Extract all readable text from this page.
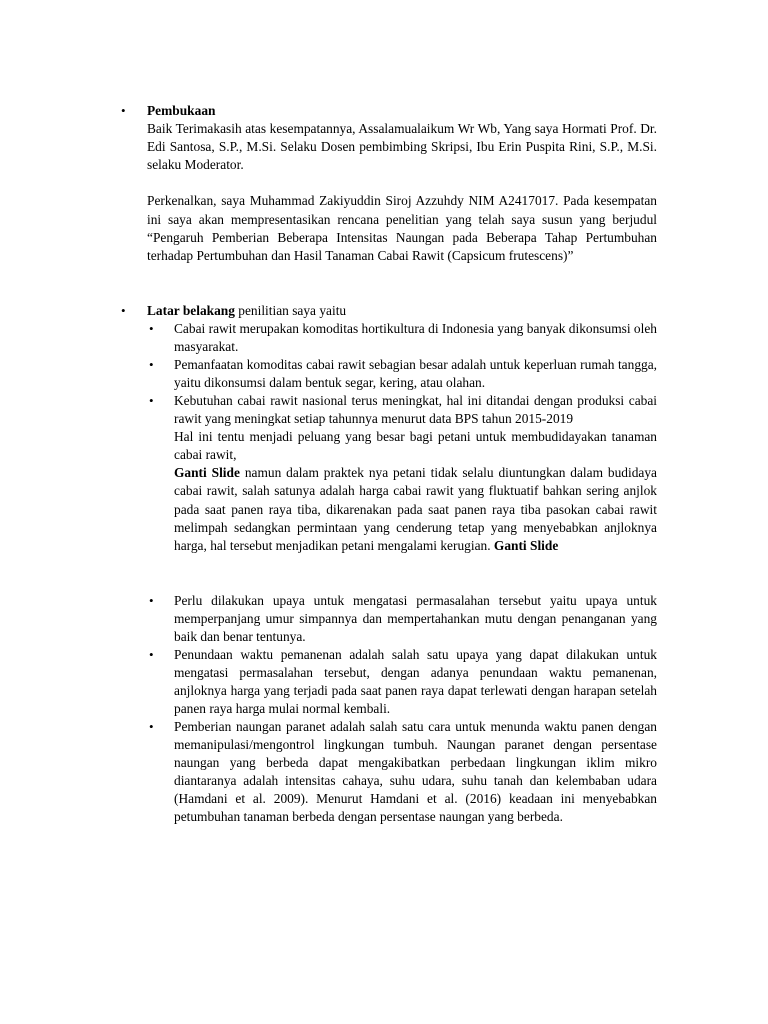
• Pembukaan

Baik Terimakasih atas kesempatannya, Assalamualaikum Wr Wb, Yang saya Hormati Prof. Dr. Edi Santosa, S.P., M.Si. Selaku Dosen pembimbing Skripsi, Ibu Erin Puspita Rini, S.P., M.Si. selaku Moderator.

Perkenalkan, saya Muhammad Zakiyuddin Siroj Azzuhdy NIM A2417017. Pada kesempatan ini saya akan mempresentasikan rencana penelitian yang telah saya susun yang berjudul “Pengaruh Pemberian Beberapa Intensitas Naungan pada Beberapa Tahap Pertumbuhan terhadap Pertumbuhan dan Hasil Tanaman Cabai Rawit (Capsicum frutescens)”

• Latar belakang penilitian saya yaitu

• Cabai rawit merupakan komoditas hortikultura di Indonesia yang banyak dikonsumsi oleh masyarakat.

• Pemanfaatan komoditas cabai rawit sebagian besar adalah untuk keperluan rumah tangga, yaitu dikonsumsi dalam bentuk segar, kering, atau olahan.

• Kebutuhan cabai rawit nasional terus meningkat, hal ini ditandai dengan produksi cabai rawit yang meningkat setiap tahunnya menurut data BPS tahun 2015-2019

Hal ini tentu menjadi peluang yang besar bagi petani untuk membudidayakan tanaman cabai rawit,

Ganti Slide namun dalam praktek nya petani tidak selalu diuntungkan dalam budidaya cabai rawit, salah satunya adalah harga cabai rawit yang fluktuatif bahkan sering anjlok pada saat panen raya tiba, dikarenakan pada saat panen raya tiba pasokan cabai rawit melimpah sedangkan permintaan yang cenderung tetap yang menyebabkan anjloknya harga, hal tersebut menjadikan petani mengalami kerugian. Ganti Slide

• Perlu dilakukan upaya untuk mengatasi permasalahan tersebut yaitu upaya untuk memperpanjang umur simpannya dan mempertahankan mutu dengan penanganan yang baik dan benar tentunya.

• Penundaan waktu pemanenan adalah salah satu upaya yang dapat dilakukan untuk mengatasi permasalahan tersebut, dengan adanya penundaan waktu pemanenan, anjloknya harga yang terjadi pada saat panen raya dapat terlewati dengan harapan setelah panen raya harga mulai normal kembali.

• Pemberian naungan paranet adalah salah satu cara untuk menunda waktu panen dengan memanipulasi/mengontrol lingkungan tumbuh. Naungan paranet dengan persentase naungan yang berbeda dapat mengakibatkan perbedaan lingkungan iklim mikro diantaranya adalah intensitas cahaya, suhu udara, suhu tanah dan kelembaban udara (Hamdani et al. 2009). Menurut Hamdani et al. (2016) keadaan ini menyebabkan petumbuhan tanaman berbeda dengan persentase naungan yang berbeda.
